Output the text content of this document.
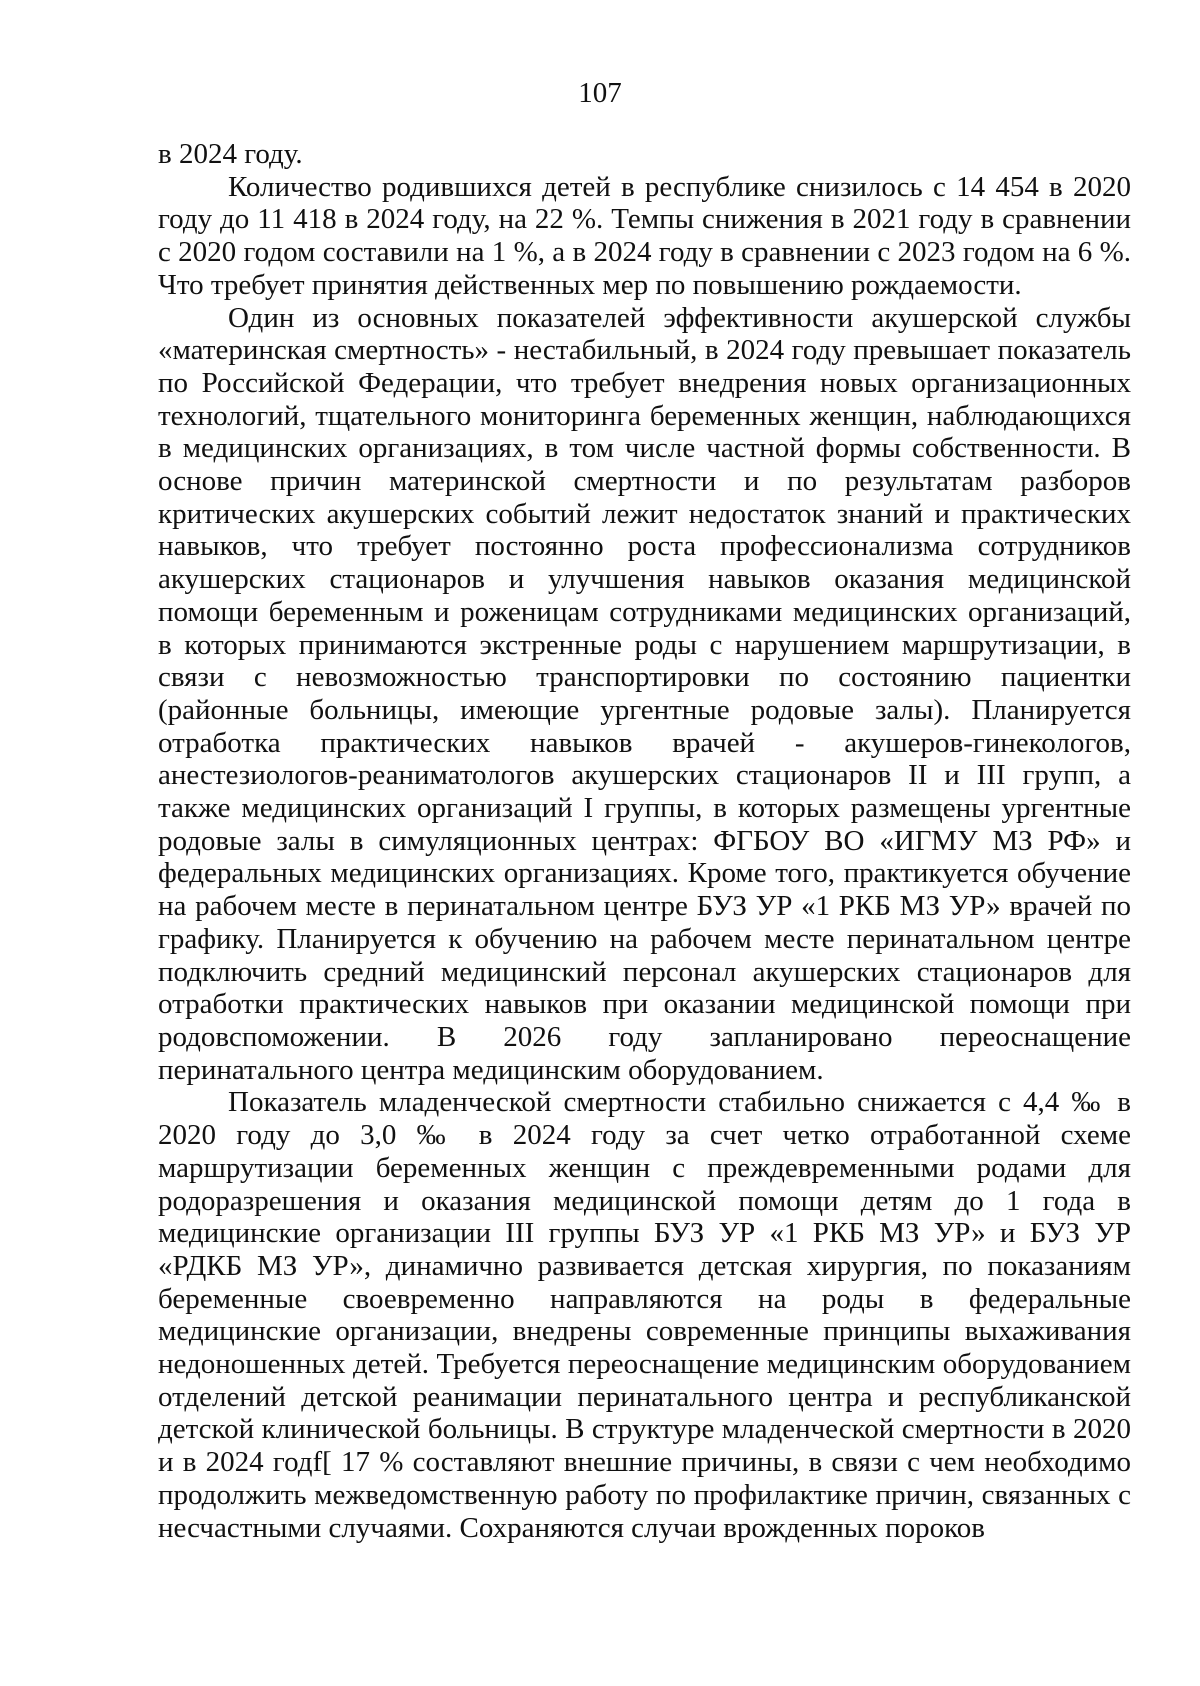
107

в 2024 году.

Количество родившихся детей в республике снизилось с 14 454 в 2020 году до 11 418 в 2024 году, на 22 %. Темпы снижения в 2021 году в сравнении с 2020 годом составили на 1 %, а в 2024 году в сравнении с 2023 годом на 6 %. Что требует принятия действенных мер по повышению рождаемости.

Один из основных показателей эффективности акушерской службы «материнская смертность» - нестабильный, в 2024 году превышает показатель по Российской Федерации, что требует внедрения новых организационных технологий, тщательного мониторинга беременных женщин, наблюдающихся в медицинских организациях, в том числе частной формы собственности. В основе причин материнской смертности и по результатам разборов критических акушерских событий лежит недостаток знаний и практических навыков, что требует постоянно роста профессионализма сотрудников акушерских стационаров и улучшения навыков оказания медицинской помощи беременным и роженицам сотрудниками медицинских организаций, в которых принимаются экстренные роды с нарушением маршрутизации, в связи с невозможностью транспортировки по состоянию пациентки (районные больницы, имеющие ургентные родовые залы). Планируется отработка практических навыков врачей - акушеров-гинекологов, анестезиологов-реаниматологов акушерских стационаров II и III групп, а также медицинских организаций I группы, в которых размещены ургентные родовые залы в симуляционных центрах: ФГБОУ ВО «ИГМУ МЗ РФ» и федеральных медицинских организациях. Кроме того, практикуется обучение на рабочем месте в перинатальном центре БУЗ УР «1 РКБ МЗ УР» врачей по графику. Планируется к обучению на рабочем месте перинатальном центре подключить средний медицинский персонал акушерских стационаров для отработки практических навыков при оказании медицинской помощи при родовспоможении. В 2026 году запланировано переоснащение перинатального центра медицинским оборудованием.

Показатель младенческой смертности стабильно снижается с 4,4 ‰ в 2020 году до 3,0 ‰ в 2024 году за счет четко отработанной схеме маршрутизации беременных женщин с преждевременными родами для родоразрешения и оказания медицинской помощи детям до 1 года в медицинские организации III группы БУЗ УР «1 РКБ МЗ УР» и БУЗ УР «РДКБ МЗ УР», динамично развивается детская хирургия, по показаниям беременные своевременно направляются на роды в федеральные медицинские организации, внедрены современные принципы выхаживания недоношенных детей. Требуется переоснащение медицинским оборудованием отделений детской реанимации перинатального центра и республиканской детской клинической больницы. В структуре младенческой смертности в 2020 и в 2024 годf[ 17 % составляют внешние причины, в связи с чем необходимо продолжить межведомственную работу по профилактике причин, связанных с несчастными случаями. Сохраняются случаи врожденных пороков
